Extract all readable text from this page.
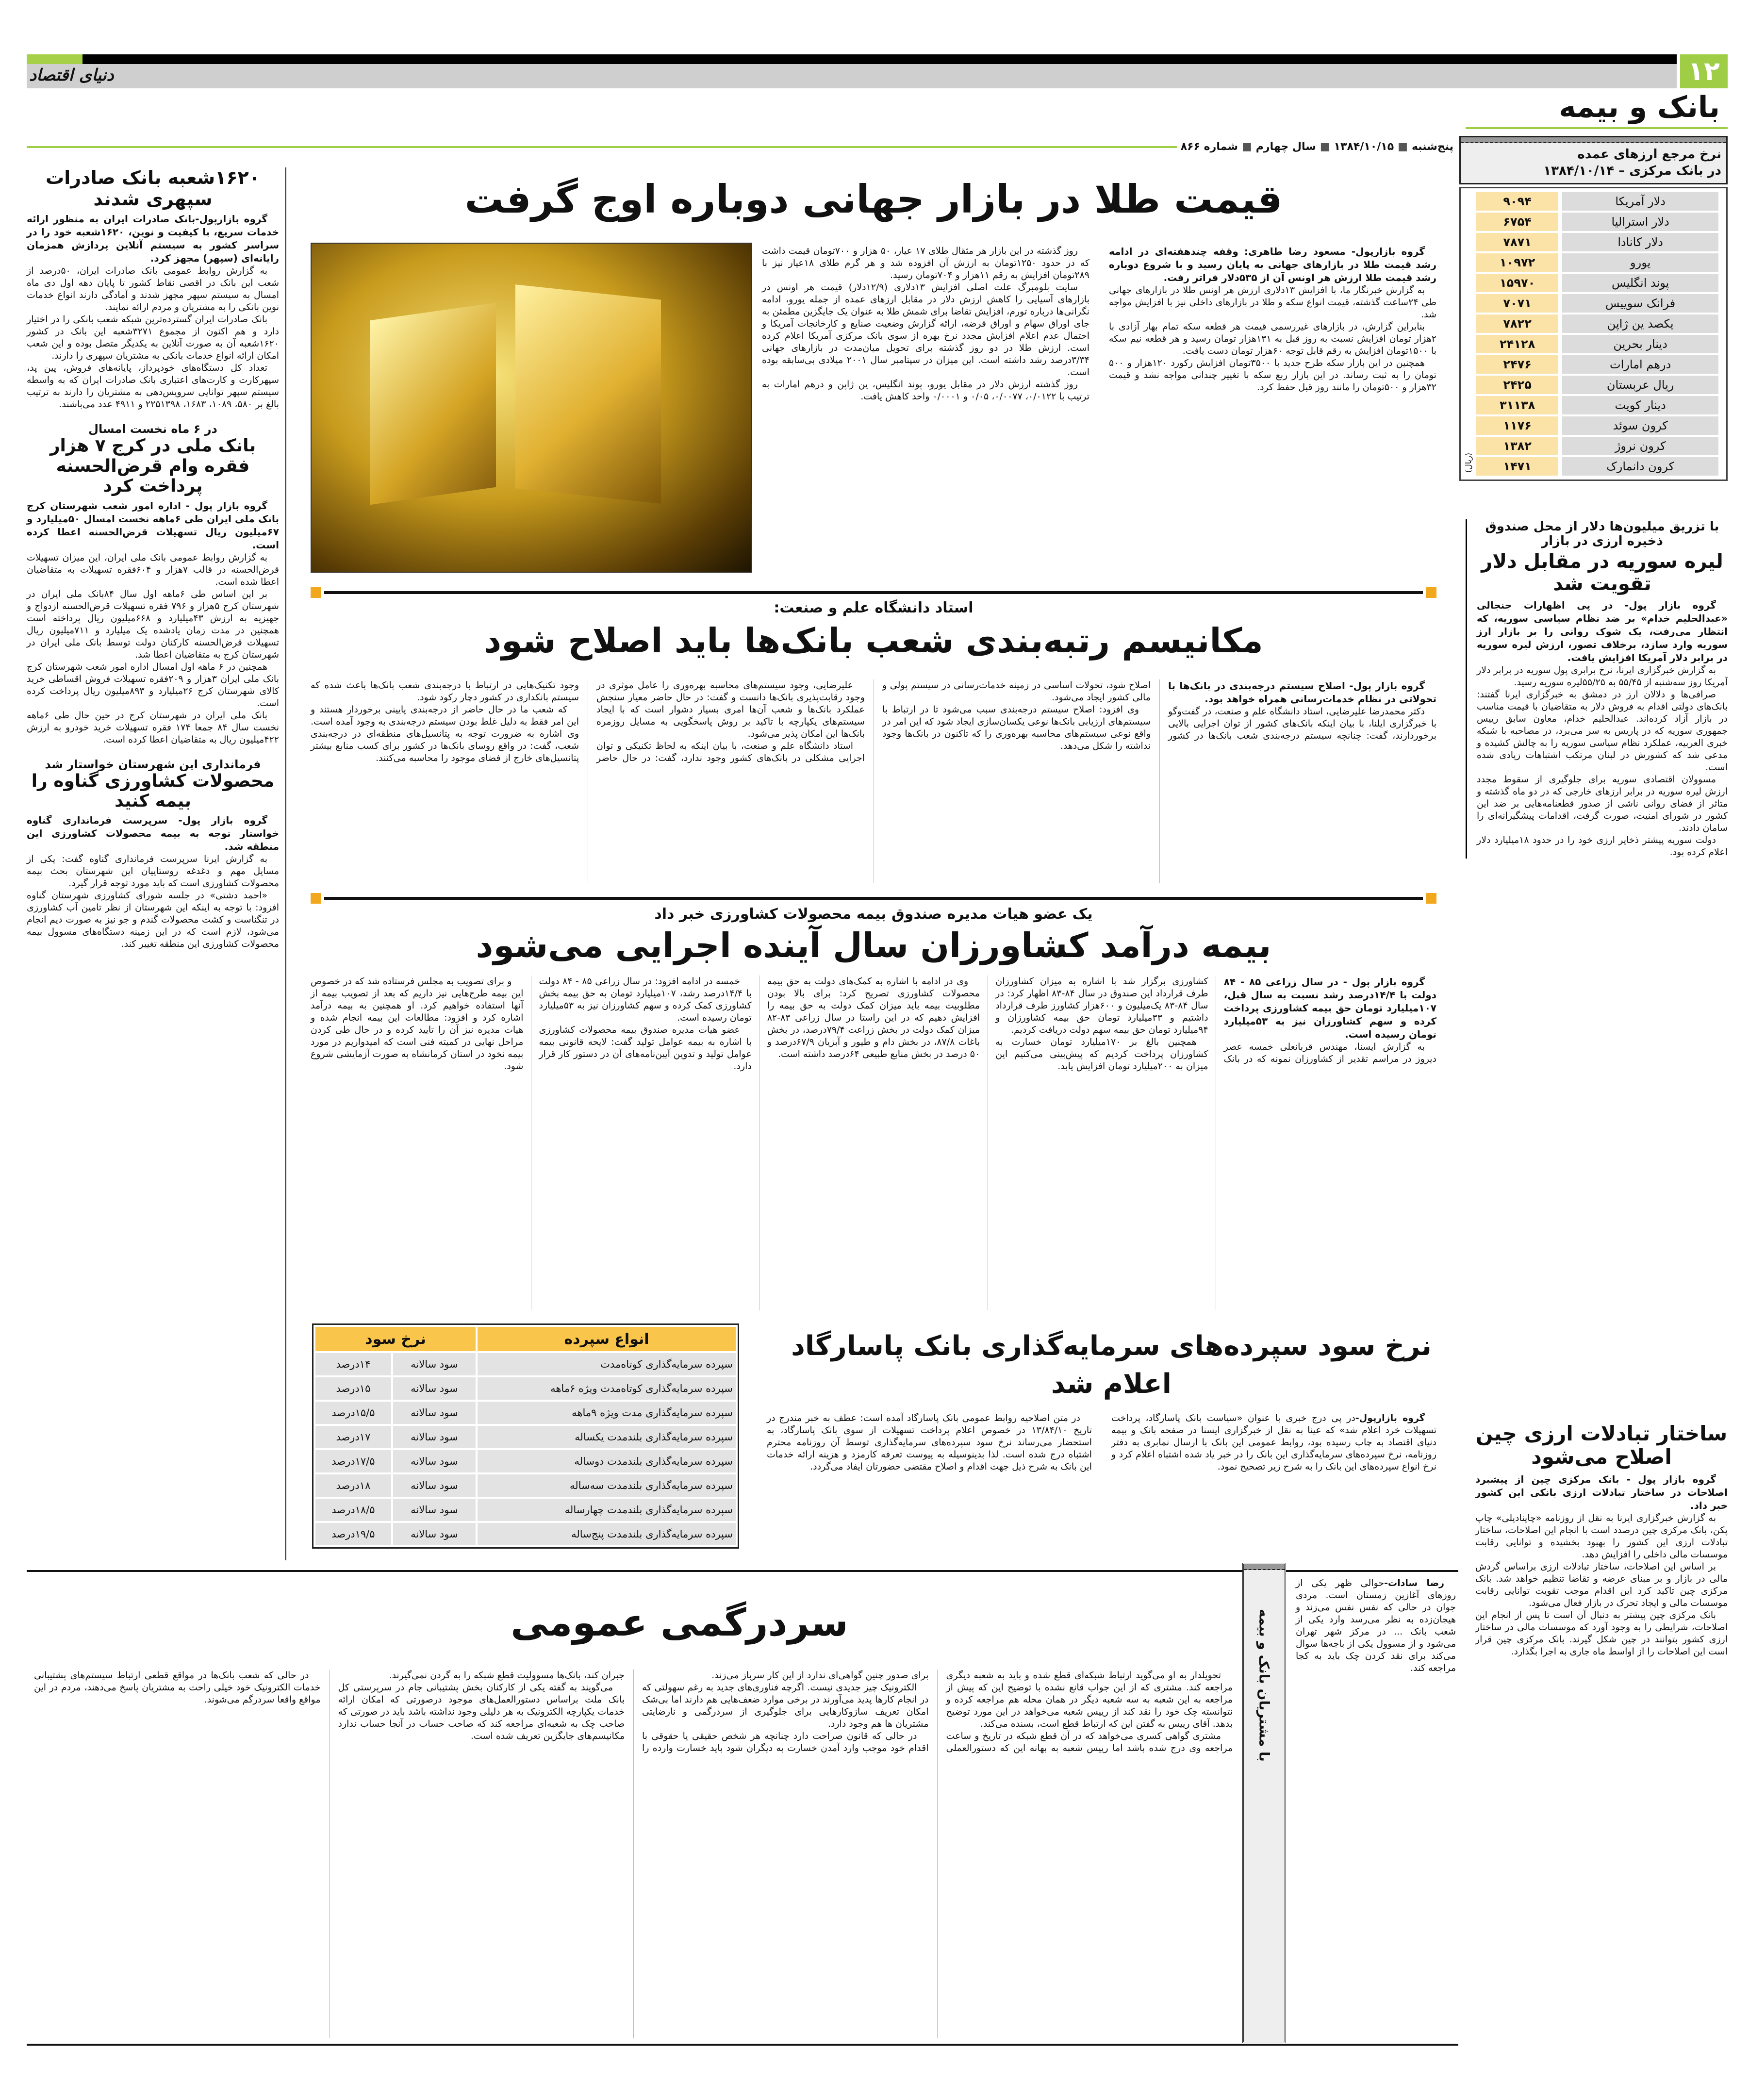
دنیای اقتصاد	۱۲
بانک و بیمه
پنج‌شنبه
■
۱۳۸۴/۱۰/۱۵
■
سال چهارم
■
شماره ۸۶۶
نرخ مرجع ارزهای عمده
در بانک مرکزی – ۱۳۸۴/۱۰/۱۴
دلار آمریکا
۹۰۹۴
دلار استرالیا
۶۷۵۴
دلار کانادا
۷۸۷۱
یورو
۱۰۹۷۲
پوند انگلیس
۱۵۹۷۰
فرانک سوییس
۷۰۷۱
یکصد ین ژاپن
۷۸۲۲
دینار بحرین
۲۴۱۲۸
درهم امارات
۲۴۷۶
ریال عربستان
۲۴۲۵
دینار کویت
۳۱۱۳۸
کرون سوئد
۱۱۷۶
کرون نروژ
۱۳۸۲
کرون دانمارک
۱۴۷۱
(ریال)
با تزریق میلیون‌ها دلار از محل صندوق ذخیره ارزی در بازار
لیره سوریه در مقابل دلار تقویت شد

گروه بازار پول- در پی اظهارات جنجالی «عبدالحلیم خدام» بر ضد نظام سیاسی سوریه، که انتظار می‌رفت، یک شوک روانی را بر بازار ارز سوریه وارد سازد، برخلاف تصور، ارزش لیره سوریه در برابر دلار آمریکا افزایش یافت.

به گزارش خبرگزاری ایرنا، نرخ برابری پول سوریه در برابر دلار آمریکا روز سه‌شنبه از ۵۵/۴۵ به ۵۵/۲۵لیره سوریه رسید.

صرافی‌ها و دلالان ارز در دمشق به خبرگزاری ایرنا گفتند: بانک‌های دولتی اقدام به فروش دلار به متقاضیان با قیمت مناسب در بازار آزاد کرده‌اند. عبدالحلیم خدام، معاون سابق رییس جمهوری سوریه که در پاریس به سر می‌برد، در مصاحبه با شبکه خبری العربیه، عملکرد نظام سیاسی سوریه را به چالش کشیده و مدعی شد که کشورش در لبنان مرتکب اشتباهات زیادی شده است.

مسوولان اقتصادی سوریه برای جلوگیری از سقوط مجدد ارزش لیره سوریه در برابر ارزهای خارجی که در دو ماه گذشته و متاثر از فضای روانی ناشی از صدور قطعنامه‌هایی بر ضد این کشور در شورای امنیت، صورت گرفت، اقدامات پیشگیرانه‌ای را سامان دادند.

دولت سوریه پیشتر ذخایر ارزی خود را در حدود ۱۸میلیارد دلار اعلام کرده بود.

ساختار تبادلات ارزی چین اصلاح می‌شود

گروه بازار پول - بانک مرکزی چین از پیشبرد اصلاحات در ساختار تبادلات ارزی بانکی این کشور خبر داد.

به گزارش خبرگزاری ایرنا به نقل از روزنامه «چاینادیلی» چاپ پکن، بانک مرکزی چین درصدد است با انجام این اصلاحات، ساختار تبادلات ارزی این کشور را بهبود بخشیده و توانایی رقابت موسسات مالی داخلی را افزایش دهد.

بر اساس این اصلاحات، ساختار تبادلات ارزی براساس گردش مالی در بازار و بر مبنای عرضه و تقاضا تنظیم خواهد شد. بانک مرکزی چین تاکید کرد این اقدام موجب تقویت توانایی رقابت موسسات مالی و ایجاد تحرک در بازار فعال می‌شود.

بانک مرکزی چین پیشتر به دنبال آن است تا پس از انجام این اصلاحات، شرایطی را به وجود آورد که موسسات مالی در ساختار ارزی کشور بتوانند در چین شکل گیرند. بانک مرکزی چین قرار است این اصلاحات را از اواسط ماه جاری به اجرا بگذارد.

۱۶۲۰شعبه بانک صادرات سپهری شدند

گروه بازارپول-بانک صادرات ایران به منظور ارائه خدمات سریع، با کیفیت و نوین، ۱۶۲۰شعبه خود را در سراسر کشور به سیستم آنلاین پردازش همزمان رایانه‌ای (سپهر) مجهز کرد.

به گزارش روابط عمومی بانک صادرات ایران، ۵۰درصد از شعب این بانک در اقصی نقاط کشور تا پایان دهه اول دی ماه امسال به سیستم سپهر مجهز شدند و آمادگی دارند انواع خدمات نوین بانکی را به مشتریان و مردم ارائه نمایند.

بانک صادرات ایران گسترده‌ترین شبکه شعب بانکی را در اختیار دارد و هم اکنون از مجموع ۳۲۷۱شعبه این بانک در کشور ۱۶۲۰شعبه آن به صورت آنلاین به یکدیگر متصل بوده و این شعب امکان ارائه انواع خدمات بانکی به مشتریان سپهری را دارند.

تعداد کل دستگاه‌های خودپرداز، پایانه‌های فروش، پین پد، سپهرکارت و کارت‌های اعتباری بانک صادرات ایران که به واسطه سیستم سپهر توانایی سرویس‌دهی به مشتریان را دارند به ترتیب بالغ بر ۵۸۰، ۱۰۸۹، ۱۶۸۳، ۲۲۵۱۳۹۸ و ۴۹۱۱ عدد می‌باشند.

در ۶ ماه نخست امسال
بانک ملی در کرج ۷ هزار فقره وام قرض‌الحسنه پرداخت کرد

گروه بازار پول - اداره امور شعب شهرستان کرج بانک ملی ایران طی ۶ماهه نخست امسال ۵۰میلیارد و ۶۷میلیون ریال تسهیلات قرض‌الحسنه اعطا کرده است.

به گزارش روابط عمومی بانک ملی ایران، این میزان تسهیلات قرض‌الحسنه در قالب ۷هزار و ۶۰۴فقره تسهیلات به متقاضیان اعطا شده است.

بر این اساس طی ۶ماهه اول سال ۸۴بانک ملی ایران در شهرستان کرج ۵هزار و ۷۹۶ فقره تسهیلات قرض‌الحسنه ازدواج و جهیزیه به ارزش ۴۳میلیارد و ۶۶۸میلیون ریال پرداخته است همچنین در مدت زمان یادشده یک میلیارد و ۷۱۱میلیون ریال تسهیلات قرض‌الحسنه کارکنان دولت توسط بانک ملی ایران در شهرستان کرج به متقاضیان اعطا شد.

همچنین در ۶ ماهه اول امسال اداره امور شعب شهرستان کرج بانک ملی ایران ۳هزار و ۲۰۹فقره تسهیلات فروش اقساطی خرید کالای شهرستان کرج ۲۶میلیارد و ۸۹۳میلیون ریال پرداخت کرده است.

بانک ملی ایران در شهرستان کرج در حین حال طی ۶ماهه نخست سال ۸۴ جمعا ۱۷۴ فقره تسهیلات خرید خودرو به ارزش ۴۲۲میلیون ریال به متقاضیان اعطا کرده است.

فرمانداری این شهرستان خواستار شد
محصولات کشاورزی گناوه را بیمه کنید

گروه بازار پول- سرپرست فرمانداری گناوه خواستار توجه به بیمه محصولات کشاورزی این منطقه شد.

به گزارش ایرنا سرپرست فرمانداری گناوه گفت: یکی از مسایل مهم و دغدغه روستاییان این شهرستان بحث بیمه محصولات کشاورزی است که باید مورد توجه قرار گیرد.

«احمد دشتی» در جلسه شورای کشاورزی شهرستان گناوه افزود: با توجه به اینکه این شهرستان از نظر تامین آب کشاورزی در تنگناست و کشت محصولات گندم و جو نیز به صورت دیم انجام می‌شود، لازم است که در این زمینه دستگاه‌های مسوول بیمه محصولات کشاورزی این منطقه تغییر کند.

قیمت طلا در بازار جهانی دوباره اوج گرفت

گروه بازارپول- مسعود رضا طاهری: وقفه چندهفته‌ای در ادامه رشد قیمت طلا در بازارهای جهانی به پایان رسید و با شروع دوباره رشد قیمت طلا ارزش هر اونس آن از ۵۳۵دلار فراتر رفت.

به گزارش خبرنگار ما، با افزایش ۱۳دلاری ارزش هر اونس طلا در بازارهای جهانی طی ۲۴ساعت گذشته، قیمت انواع سکه و طلا در بازارهای داخلی نیز با افزایش مواجه شد.

بنابراین گزارش، در بازارهای غیررسمی قیمت هر قطعه سکه تمام بهار آزادی با ۲هزار تومان افزایش نسبت به روز قبل به ۱۳۱هزار تومان رسید و هر قطعه نیم سکه با ۱۵۰۰تومان افزایش به رقم قابل توجه ۶۰هزار تومان دست یافت.

همچنین در این بازار سکه طرح جدید با ۳۵۰۰تومان افزایش رکورد ۱۲۰هزار و ۵۰۰ تومان را به ثبت رساند. در این بازار ربع سکه با تغییر چندانی مواجه نشد و قیمت ۳۲هزار و ۵۰۰تومان را مانند روز قبل حفظ کرد.

روز گذشته در این بازار هر مثقال طلای ۱۷ عیار، ۵۰ هزار و ۷۰۰تومان قیمت داشت که در حدود ۱۲۵۰تومان به ارزش آن افزوده شد و هر گرم طلای ۱۸عیار نیز با ۲۸۹تومان افزایش به رقم ۱۱هزار و ۷۰۴تومان رسید.

سایت بلومبرگ علت اصلی افزایش ۱۳دلاری (۱۲/۹دلار) قیمت هر اونس در بازارهای آسیایی را کاهش ارزش دلار در مقابل ارزهای عمده از جمله یورو، ادامه نگرانی‌ها درباره تورم، افزایش تقاضا برای شمش طلا به عنوان یک جایگزین مطمئن به جای اوراق سهام و اوراق قرضه، ارائه گزارش وضعیت صنایع و کارخانجات آمریکا و احتمال عدم اعلام افزایش مجدد نرخ بهره از سوی بانک مرکزی آمریکا اعلام کرده است. ارزش طلا در دو روز گذشته برای تحویل میان‌مدت در بازارهای جهانی ۳/۳۴درصد رشد داشته است. این میزان در سپتامبر سال ۲۰۰۱ میلادی بی‌سابقه بوده است.

روز گذشته ارزش دلار در مقابل یورو، پوند انگلیس، ین ژاپن و درهم امارات به ترتیب با ۰/۰۱۲۲، ۰/۰۰۷۷، ۰/۰۵ و ۰/۰۰۰۱ واحد کاهش یافت.

استاد دانشگاه علم و صنعت:
مکانیسم رتبه‌بندی شعب بانک‌ها باید اصلاح شود

گروه بازار پول- اصلاح سیستم درجه‌بندی در بانک‌ها با تحولاتی در نظام خدمات‌رسانی همراه خواهد بود.

دکتر محمدرضا علیرضایی، استاد دانشگاه علم و صنعت، در گفت‌وگو با خبرگزاری ایلنا، با بیان اینکه بانک‌های کشور از توان اجرایی بالایی برخوردارند، گفت: چنانچه سیستم درجه‌بندی شعب بانک‌ها در کشور اصلاح شود، تحولات اساسی در زمینه خدمات‌رسانی در سیستم پولی و مالی کشور ایجاد می‌شود.

وی افزود: اصلاح سیستم درجه‌بندی سبب می‌شود تا در ارتباط با سیستم‌های ارزیابی بانک‌ها نوعی یکسان‌سازی ایجاد شود که این امر در واقع نوعی سیستم‌های محاسبه بهره‌وری را که تاکنون در بانک‌ها وجود نداشته را شکل می‌دهد.

علیرضایی، وجود سیستم‌های محاسبه بهره‌وری را عامل موثری در وجود رقابت‌پذیری بانک‌ها دانست و گفت: در حال حاضر معیار سنجش عملکرد بانک‌ها و شعب آن‌ها امری بسیار دشوار است که با ایجاد سیستم‌های یکپارچه با تاکید بر روش پاسخگویی به مسایل روزمره بانک‌ها این امکان پذیر می‌شود.

استاد دانشگاه علم و صنعت، با بیان اینکه به لحاظ تکنیکی و توان اجرایی مشکلی در بانک‌های کشور وجود ندارد، گفت: در حال حاضر وجود تکنیک‌هایی در ارتباط با درجه‌بندی شعب بانک‌ها باعث شده که سیستم بانکداری در کشور دچار رکود شود.

که شعب ما در حال حاضر از درجه‌بندی پایینی برخوردار هستند و این امر فقط به دلیل غلط بودن سیستم درجه‌بندی به وجود آمده است. وی اشاره به ضرورت توجه به پتانسیل‌های منطقه‌ای در درجه‌بندی شعب، گفت: در واقع روسای بانک‌ها در کشور برای کسب منابع بیشتر پتانسیل‌های خارج از فضای موجود را محاسبه می‌کنند.

یک عضو هیات مدیره صندوق بیمه محصولات کشاورزی خبر داد
بیمه درآمد کشاورزان سال آینده اجرایی می‌شود

گروه بازار پول - در سال زراعی ۸۵ - ۸۴ دولت با ۱۴/۴درصد رشد نسبت به سال قبل، ۱۰۷میلیارد تومان حق بیمه کشاورزی پرداخت کرده و سهم کشاورزان نیز به ۵۳میلیارد تومان رسیده است.

به گزارش ایسنا، مهندس قربانعلی خمسه عصر دیروز در مراسم تقدیر از کشاورزان نمونه که در بانک کشاورزی برگزار شد با اشاره به میزان کشاورزان طرف قرارداد این صندوق در سال ۸۴-۸۳ اظهار کرد: در سال ۸۴-۸۳ یک‌میلیون و ۶۰۰هزار کشاورز طرف قرارداد داشتیم و ۳۳میلیارد تومان حق بیمه کشاورزان و ۹۴میلیارد تومان حق بیمه سهم دولت دریافت کردیم.

همچنین بالغ بر ۱۷۰میلیارد تومان خسارت به کشاورزان پرداخت کردیم که پیش‌بینی می‌کنیم این میزان به ۲۰۰میلیارد تومان افزایش یابد.

وی در ادامه با اشاره به کمک‌های دولت به حق بیمه محصولات کشاورزی تصریح کرد: برای بالا بودن مطلوبیت بیمه باید میزان کمک دولت به حق بیمه را افزایش دهیم که در این راستا در سال زراعی ۸۳-۸۲ میزان کمک دولت در بخش زراعت ۷۹/۴درصد، در بخش باغات ۸۷/۸، در بخش دام و طیور و آبزیان ۶۷/۹درصد و ۵۰ درصد در بخش منابع طبیعی ۶۴درصد داشته است.

خمسه در ادامه افزود: در سال زراعی ۸۵ - ۸۴ دولت با ۱۴/۴درصد رشد، ۱۰۷میلیارد تومان به حق بیمه بخش کشاورزی کمک کرده و سهم کشاورزان نیز به ۵۳میلیارد تومان رسیده است.

عضو هیات مدیره صندوق بیمه محصولات کشاورزی با اشاره به بیمه عوامل تولید گفت: لایحه قانونی بیمه عوامل تولید و تدوین آیین‌نامه‌های آن در دستور کار قرار دارد.

و برای تصویب به مجلس فرستاده شد که در خصوص این بیمه طرح‌هایی نیز داریم که بعد از تصویب بیمه از آنها استفاده خواهیم کرد. او همچنین به بیمه درآمد اشاره کرد و افزود: مطالعات این بیمه انجام شده و هیات مدیره نیز آن را تایید کرده و در حال طی کردن مراحل نهایی در کمیته فنی است که امیدواریم در مورد بیمه نخود در استان کرمانشاه به صورت آزمایشی شروع شود.

نرخ سود سپرده‌های سرمایه‌گذاری بانک پاسارگاد اعلام شد

گروه بازارپول-در پی درج خبری با عنوان «سیاست بانک پاسارگاد، پرداخت تسهیلات خرد اعلام شد» که عینا به نقل از خبرگزاری ایسنا در صفحه بانک و بیمه دنیای اقتصاد به چاپ رسیده بود، روابط عمومی این بانک با ارسال نمابری به دفتر روزنامه، نرخ سپرده‌های سرمایه‌گذاری این بانک را در خبر یاد شده اشتباه اعلام کرد و نرخ انواع سپرده‌های این بانک را به شرح زیر تصحیح نمود.

در متن اصلاحیه روابط عمومی بانک پاسارگاد آمده است: عطف به خبر مندرج در تاریخ ۱۳/۸۴/۱۰ در خصوص اعلام پرداخت تسهیلات از سوی بانک پاسارگاد، به استحضار می‌رساند نرخ سود سپرده‌های سرمایه‌گذاری توسط آن روزنامه محترم اشتباه درج شده است. لذا بدینوسیله به پیوست تعرفه کارمزد و هزینه ارائه خدمات این بانک به شرح ذیل جهت اقدام و اصلاح مقتضی حضورتان ایفاد می‌گردد.

انواع سپرده	نرخ سود	
سپرده سرمایه‌گذاری کوتاه‌مدت	سود سالانه	۱۴درصد
سپرده سرمایه‌گذاری کوتاه‌مدت ویژه ۶ماهه	سود سالانه	۱۵درصد
سپرده سرمایه‌گذاری مدت ویژه ۹ماهه	سود سالانه	۱۵/۵درصد
سپرده سرمایه‌گذاری بلندمدت یکساله	سود سالانه	۱۷درصد
سپرده سرمایه‌گذاری بلندمدت دوساله	سود سالانه	۱۷/۵درصد
سپرده سرمایه‌گذاری بلندمدت سه‌ساله	سود سالانه	۱۸درصد
سپرده سرمایه‌گذاری بلندمدت چهارساله	سود سالانه	۱۸/۵درصد
سپرده سرمایه‌گذاری بلندمدت پنج‌ساله	سود سالانه	۱۹/۵درصد
با مشتریان بانک و بیمه

رضا سادات-حوالی ظهر یکی از روزهای آغازین زمستان است. مردی جوان در حالی که نفس نفس می‌زند و هیجان‌زده به نظر می‌رسد وارد یکی از شعب بانک ... در مرکز شهر تهران می‌شود و از مسوول یکی از باجه‌ها سوال می‌کند برای نقد کردن چک باید به کجا مراجعه کند.

سردرگمی عمومی

تحویلدار به او می‌گوید ارتباط شبکه‌ای قطع شده و باید به شعبه دیگری مراجعه کند. مشتری که از این جواب قانع نشده با توضیح این که پیش از مراجعه به این شعبه به سه شعبه دیگر در همان محله هم مراجعه کرده و نتوانسته چک خود را نقد کند از رییس شعبه می‌خواهد در این مورد توضیح بدهد. آقای رییس به گفتن این که ارتباط قطع است، بسنده می‌کند.

مشتری گواهی کسری می‌خواهد که در آن قطع شبکه در تاریخ و ساعت مراجعه وی درج شده باشد اما رییس شعبه به بهانه این که دستورالعملی برای صدور چنین گواهی‌ای ندارد از این کار سرباز می‌زند.

الکترونیک چیز جدیدی نیست. اگرچه فناوری‌های جدید به رغم سهولتی که در انجام کارها پدید می‌آورند در برخی موارد ضعف‌هایی هم دارند اما بی‌شک امکان تعریف سازوکارهایی برای جلوگیری از سردرگمی و نارضایتی مشتریان ها هم وجود دارد.

در حالی که قانون صراحت دارد چنانچه هر شخص حقیقی یا حقوقی با اقدام خود موجب وارد آمدن خسارت به دیگران شود باید خسارت وارده را جبران کند، بانک‌ها مسوولیت قطع شبکه را به گردن نمی‌گیرند.

می‌گویند به گفته یکی از کارکنان بخش پشتیبانی جام در سرپرستی کل بانک ملت براساس دستورالعمل‌های موجود درصورتی که امکان ارائه خدمات یکپارچه الکترونیک به هر دلیلی وجود نداشته باشد باید در صورتی که صاحب چک به شعبه‌ای مراجعه کند که صاحب حساب در آنجا حساب ندارد مکانیسم‌های جایگزین تعریف شده است.

در حالی که شعب بانک‌ها در مواقع قطعی ارتباط سیستم‌های پشتیبانی خدمات الکترونیک خود خیلی راحت به مشتریان پاسخ می‌دهند، مردم در این مواقع واقعا سردرگم می‌شوند.
